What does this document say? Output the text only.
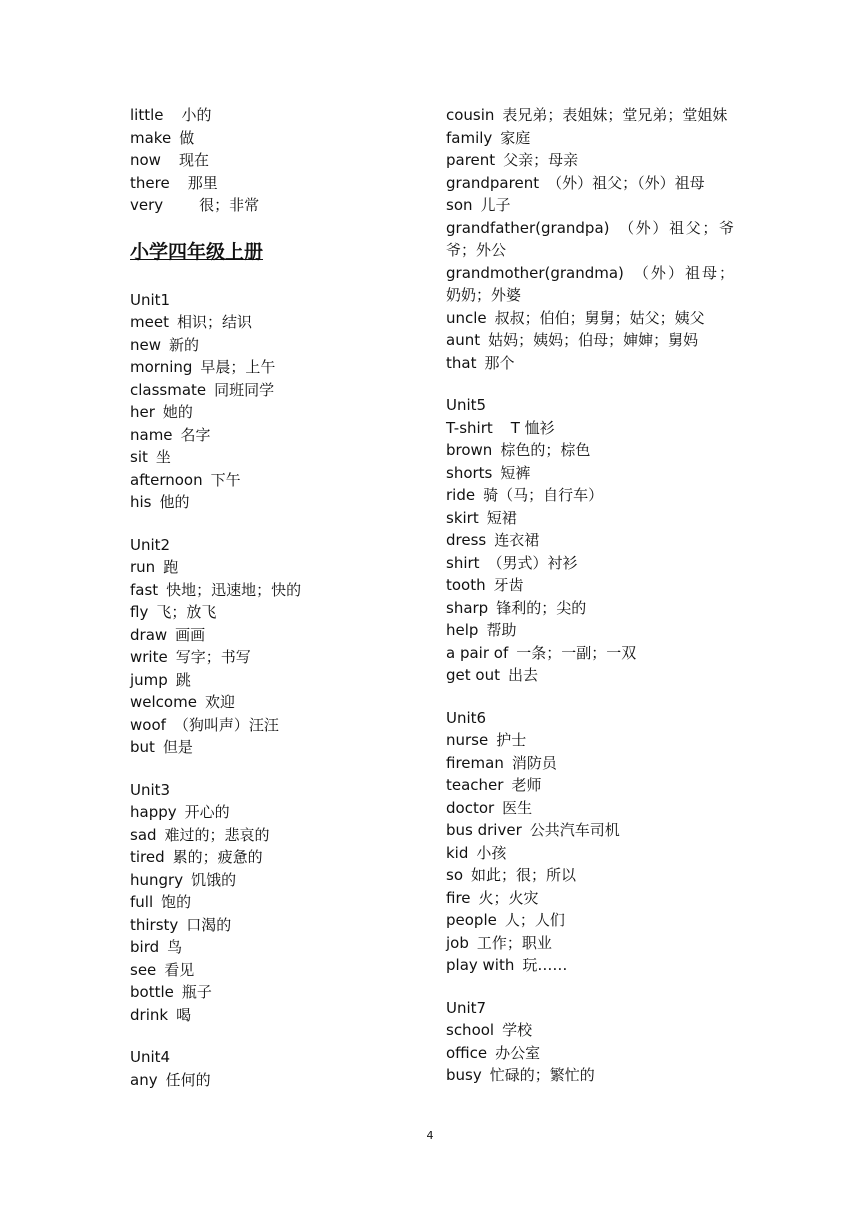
little 小的
make 做
now 现在
there 那里
very 很；非常
小学四年级上册
Unit1
meet 相识；结识
new 新的
morning 早晨；上午
classmate 同班同学
her 她的
name 名字
sit 坐
afternoon 下午
his 他的
Unit2
run 跑
fast 快地；迅速地；快的
fly 飞；放飞
draw 画画
write 写字；书写
jump 跳
welcome 欢迎
woof （狗叫声）汪汪
but 但是
Unit3
happy 开心的
sad 难过的；悲哀的
tired 累的；疲惫的
hungry 饥饿的
full 饱的
thirsty 口渴的
bird 鸟
see 看见
bottle 瓶子
drink 喝
Unit4
any 任何的
cousin 表兄弟；表姐妹；堂兄弟；堂姐妹
family 家庭
parent 父亲；母亲
grandparent （外）祖父；（外）祖母
son 儿子
grandfather(grandpa) （外）祖父；爷爷；外公
grandmother(grandma) （外）祖母；奶奶；外婆
uncle 叔叔；伯伯；舅舅；姑父；姨父
aunt 姑妈；姨妈；伯母；婶婶；舅妈
that 那个
Unit5
T-shirt T 恤衫
brown 棕色的；棕色
shorts 短裤
ride 骑（马；自行车）
skirt 短裙
dress 连衣裙
shirt （男式）衬衫
tooth 牙齿
sharp 锋利的；尖的
help 帮助
a pair of 一条；一副；一双
get out 出去
Unit6
nurse 护士
fireman 消防员
teacher 老师
doctor 医生
bus driver 公共汽车司机
kid 小孩
so 如此；很；所以
fire 火；火灾
people 人；人们
job 工作；职业
play with 玩……
Unit7
school 学校
office 办公室
busy 忙碌的；繁忙的
4
